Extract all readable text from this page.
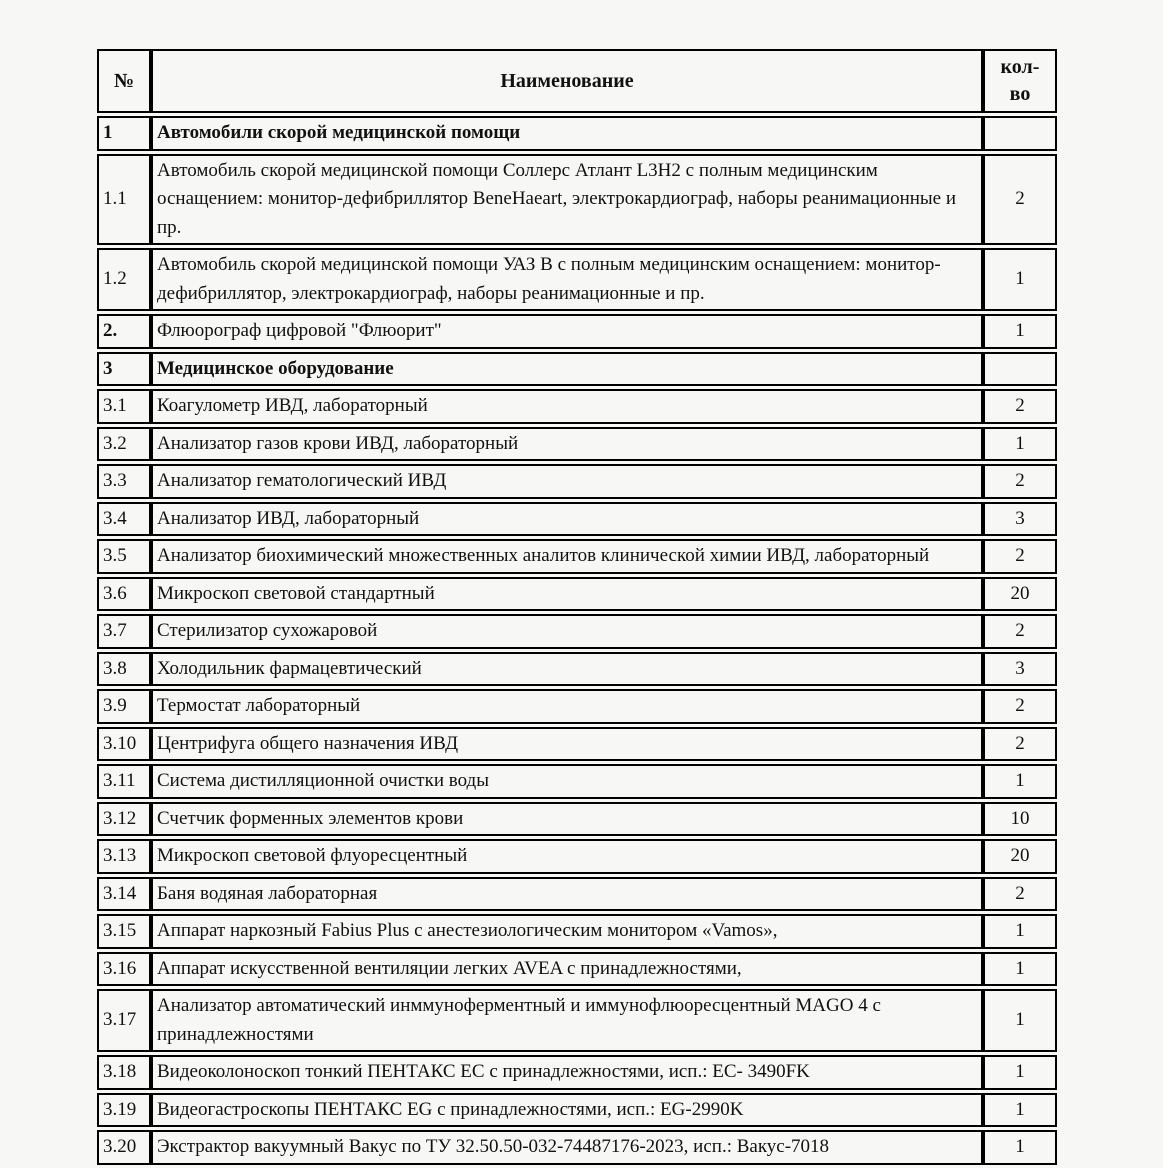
№	Наименование	кол-
во

1	Автомобили скорой медицинской помощи	
1.1	Автомобиль скорой медицинской помощи Соллерс Атлант L3H2 с полным медицинским оснащением: монитор-дефибриллятор BeneHaeart, электрокардиограф, наборы реанимационные и пр.	2
1.2	Автомобиль скорой медицинской помощи УАЗ В с полным медицинским оснащением: монитор-дефибриллятор, электрокардиограф, наборы реанимационные и пр.	1
2.	Флюорограф цифровой "Флюорит"	1
3	Медицинское оборудование	
3.1	Коагулометр ИВД, лабораторный	2
3.2	Анализатор газов крови ИВД, лабораторный	1
3.3	Анализатор гематологический ИВД	2
3.4	Анализатор ИВД, лабораторный	3
3.5	Анализатор биохимический множественных аналитов клинической химии ИВД, лабораторный	2
3.6	Микроскоп световой стандартный	20
3.7	Стерилизатор сухожаровой	2
3.8	Холодильник фармацевтический	3
3.9	Термостат лабораторный	2
3.10	Центрифуга общего назначения ИВД	2
3.11	Система дистилляционной очистки воды	1
3.12	Счетчик форменных элементов крови	10
3.13	Микроскоп световой флуоресцентный	20
3.14	Баня водяная лабораторная	2
3.15	Аппарат наркозный Fabius Plus с анестезиологическим монитором «Vamos»,	1
3.16	Аппарат искусственной вентиляции легких AVEA с принадлежностями,	1
3.17	Анализатор автоматический инммуноферментный и иммунофлюоресцентный MAGO 4 с принадлежностями	1
3.18	Видеоколоноскоп тонкий ПЕНТАКС ЕС с принадлежностями, исп.: ЕС- 3490FK	1
3.19	Видеогастроскопы ПЕНТАКС EG с принадлежностями, исп.: EG-2990K	1
3.20	Экстрактор вакуумный Вакус по ТУ 32.50.50-032-74487176-2023, исп.: Вакус-7018	1
